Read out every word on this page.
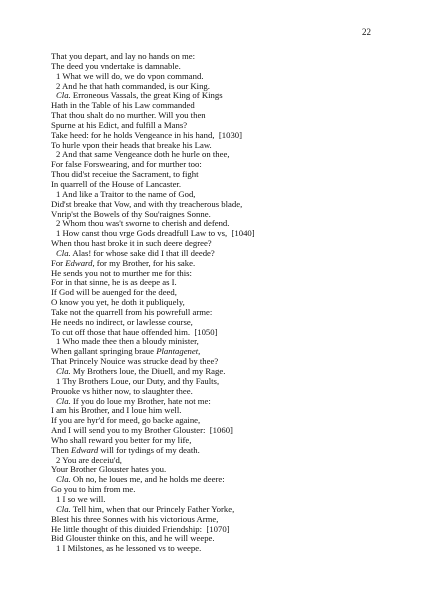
22
That you depart, and lay no hands on me:
The deed you vndertake is damnable.
1 What we will do, we do vpon command.
2 And he that hath commanded, is our King.
Cla. Erroneous Vassals, the great King of Kings
Hath in the Table of his Law commanded
That thou shalt do no murther. Will you then
Spurne at his Edict, and fulfill a Mans?
Take heed: for he holds Vengeance in his hand,  [1030]
To hurle vpon their heads that breake his Law.
2 And that same Vengeance doth he hurle on thee,
For false Forswearing, and for murther too:
Thou did'st receiue the Sacrament, to fight
In quarrell of the House of Lancaster.
1 And like a Traitor to the name of God,
Did'st breake that Vow, and with thy treacherous blade,
Vnrip'st the Bowels of thy Sou'raignes Sonne.
2 Whom thou was't sworne to cherish and defend.
1 How canst thou vrge Gods dreadfull Law to vs,  [1040]
When thou hast broke it in such deere degree?
Cla. Alas! for whose sake did I that ill deede?
For Edward, for my Brother, for his sake.
He sends you not to murther me for this:
For in that sinne, he is as deepe as I.
If God will be auenged for the deed,
O know you yet, he doth it publiquely,
Take not the quarrell from his powrefull arme:
He needs no indirect, or lawlesse course,
To cut off those that haue offended him.  [1050]
1 Who made thee then a bloudy minister,
When gallant springing braue Plantagenet,
That Princely Nouice was strucke dead by thee?
Cla. My Brothers loue, the Diuell, and my Rage.
1 Thy Brothers Loue, our Duty, and thy Faults,
Prouoke vs hither now, to slaughter thee.
Cla. If you do loue my Brother, hate not me:
I am his Brother, and I loue him well.
If you are hyr'd for meed, go backe againe,
And I will send you to my Brother Glouster:  [1060]
Who shall reward you better for my life,
Then Edward will for tydings of my death.
2 You are deceiu'd,
Your Brother Glouster hates you.
Cla. Oh no, he loues me, and he holds me deere:
Go you to him from me.
1 I so we will.
Cla. Tell him, when that our Princely Father Yorke,
Blest his three Sonnes with his victorious Arme,
He little thought of this diuided Friendship:  [1070]
Bid Glouster thinke on this, and he will weepe.
1 I Milstones, as he lessoned vs to weepe.
